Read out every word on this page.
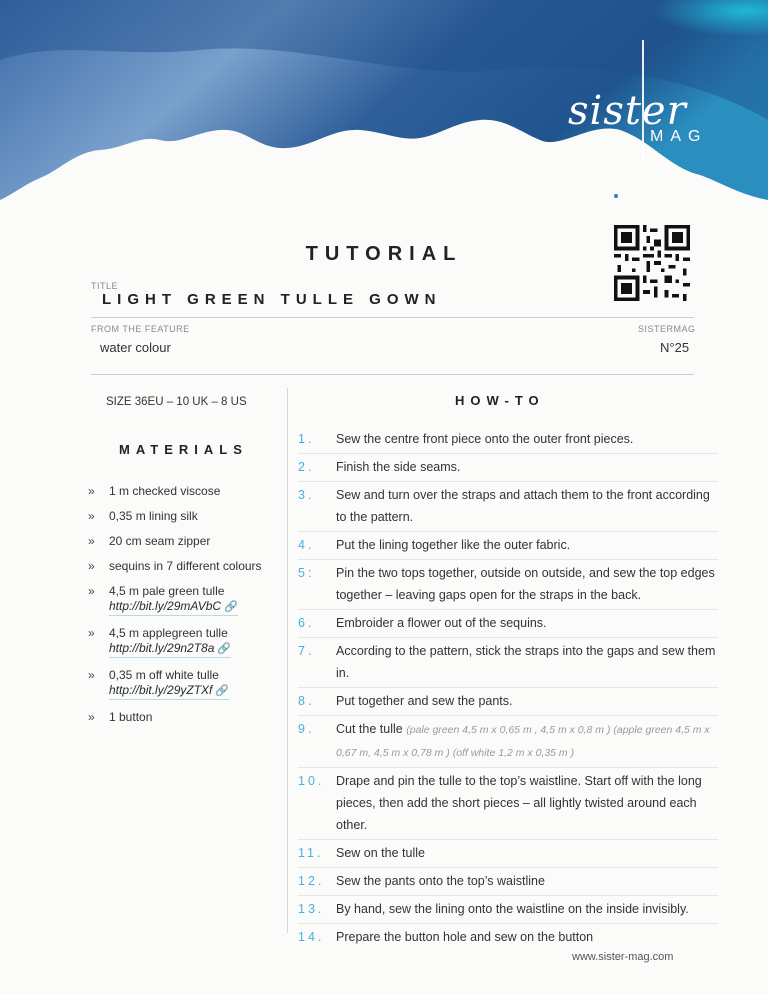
sister
MAG
TUTORIAL
TITLE
LIGHT GREEN TULLE GOWN
FROM THE FEATURE	SISTERMAG
water colour	N°25
SIZE 36EU – 10 UK – 8 US	HOW-TO
MATERIALS
» 1 m checked viscose
» 0,35 m lining silk
» 20 cm seam zipper
» sequins in 7 different colours
» 4,5 m pale green tulle
http://bit.ly/29mAVbC 🔗
» 4,5 m applegreen tulle
http://bit.ly/29n2T8a 🔗
» 0,35 m off white tulle
http://bit.ly/29yZTXf 🔗
» 1 button
1. Sew the centre front piece onto the outer front pieces.
2. Finish the side seams.
3. Sew and turn over the straps and attach them to the front according to the pattern.
4. Put the lining together like the outer fabric.
5: Pin the two tops together, outside on outside, and sew the top edges together – leaving gaps open for the straps in the back.
6. Embroider a flower out of the sequins.
7. According to the pattern, stick the straps into the gaps and sew them in.
8. Put together and sew the pants.
9. Cut the tulle (pale green 4,5 m x 0,65 m , 4,5 m x 0,8 m ) (apple green 4,5 m x 0,67 m, 4,5 m x 0,78 m ) (off white 1,2 m x 0,35 m )
10. Drape and pin the tulle to the top’s waistline. Start off with the long pieces, then add the short pieces – all lightly twisted around each other.
11. Sew on the tulle
12. Sew the pants onto the top’s waistline
13. By hand, sew the lining onto the waistline on the inside invisibly.
14. Prepare the button hole and sew on the button
www.sister-mag.com
